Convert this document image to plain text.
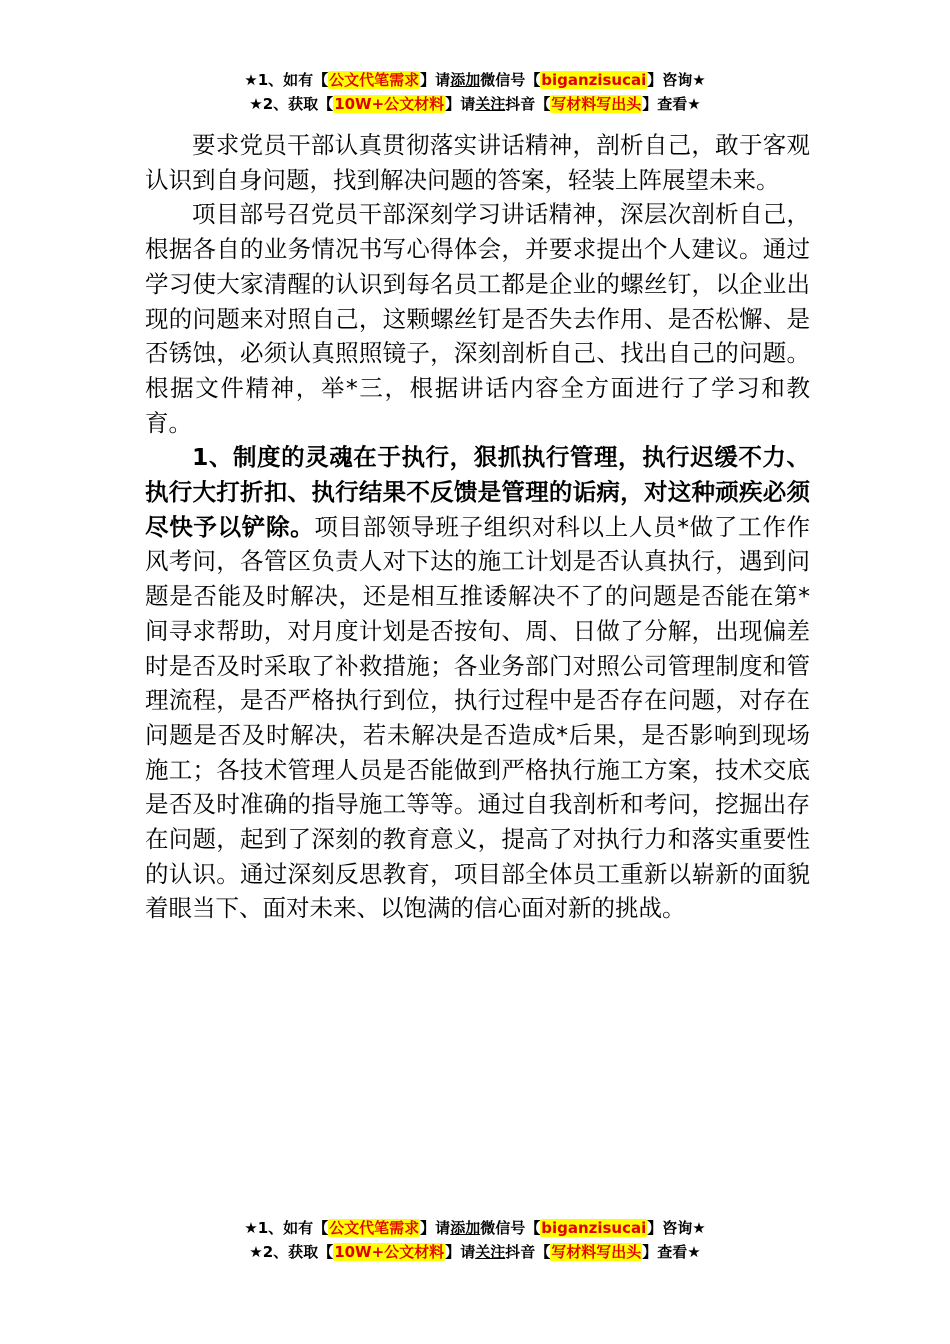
★1、如有【公文代笔需求】请添加微信号【biganzisucai】咨询★
★2、获取【10W+公文材料】请关注抖音【写材料写出头】查看★

要求党员干部认真贯彻落实讲话精神，剖析自己，敢于客观认识到自身问题，找到解决问题的答案，轻装上阵展望未来。

项目部号召党员干部深刻学习讲话精神，深层次剖析自己，根据各自的业务情况书写心得体会，并要求提出个人建议。通过学习使大家清醒的认识到每名员工都是企业的螺丝钉，以企业出现的问题来对照自己，这颗螺丝钉是否失去作用、是否松懈、是否锈蚀，必须认真照照镜子，深刻剖析自己、找出自己的问题。根据文件精神，举*三，根据讲话内容全方面进行了学习和教育。

1、制度的灵魂在于执行，狠抓执行管理，执行迟缓不力、执行大打折扣、执行结果不反馈是管理的诟病，对这种顽疾必须尽快予以铲除。项目部领导班子组织对科以上人员*做了工作作风考问，各管区负责人对下达的施工计划是否认真执行，遇到问题是否能及时解决，还是相互推诿解决不了的问题是否能在第*间寻求帮助，对月度计划是否按旬、周、日做了分解，出现偏差时是否及时采取了补救措施；各业务部门对照公司管理制度和管理流程，是否严格执行到位，执行过程中是否存在问题，对存在问题是否及时解决，若未解决是否造成*后果，是否影响到现场施工；各技术管理人员是否能做到严格执行施工方案，技术交底是否及时准确的指导施工等等。通过自我剖析和考问，挖掘出存在问题，起到了深刻的教育意义，提高了对执行力和落实重要性的认识。通过深刻反思教育，项目部全体员工重新以崭新的面貌着眼当下、面对未来、以饱满的信心面对新的挑战。

★1、如有【公文代笔需求】请添加微信号【biganzisucai】咨询★
★2、获取【10W+公文材料】请关注抖音【写材料写出头】查看★
